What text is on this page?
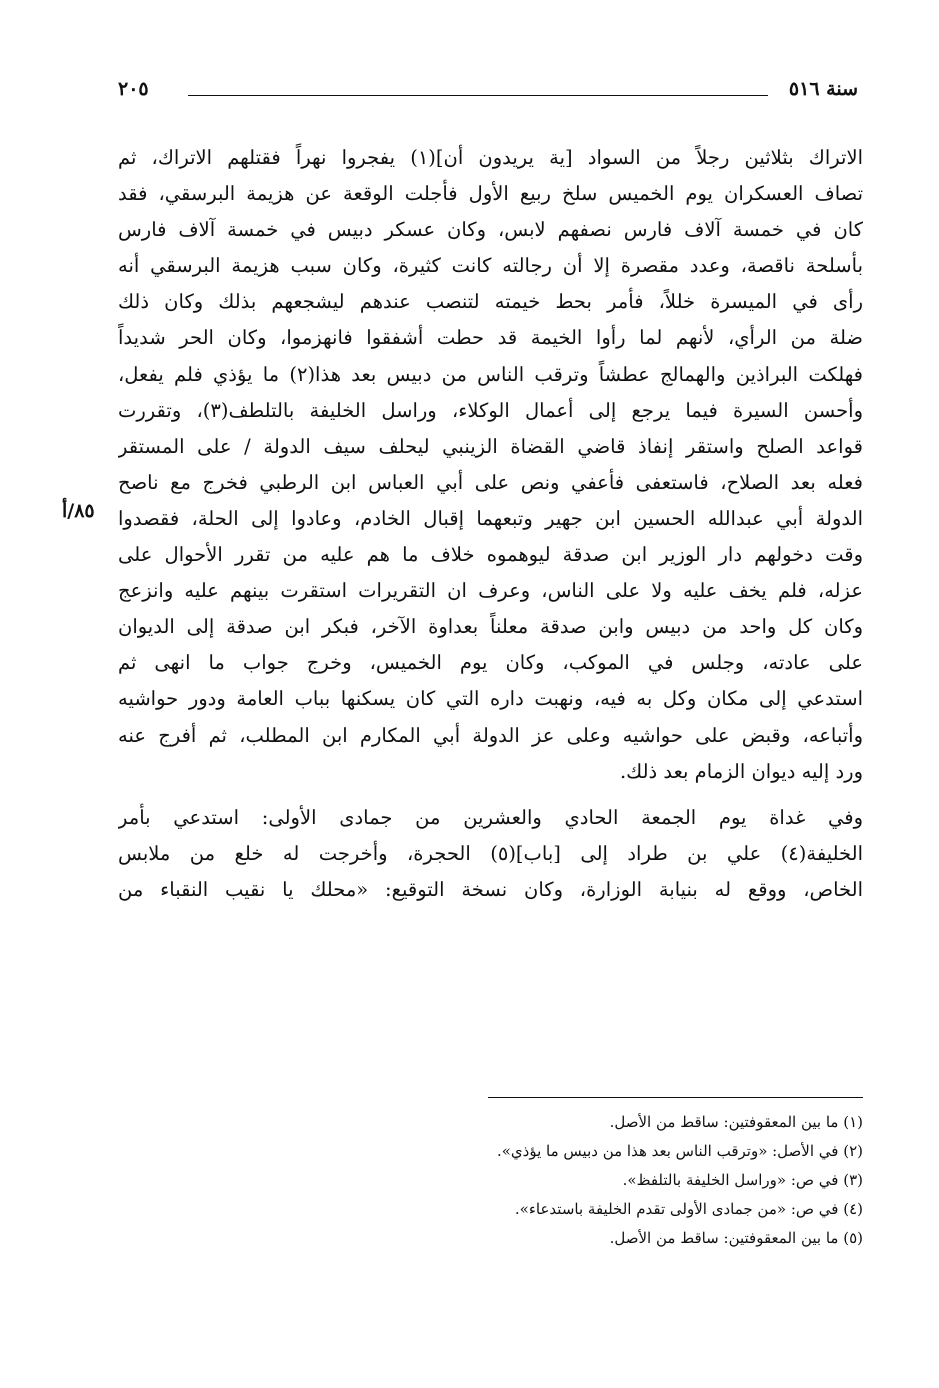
سنة ٥١٦
٢٠٥
٨٥/أ
الاتراك بثلاثين رجلاً من السواد [ية يريدون أن](١) يفجروا نهراً فقتلهم الاتراك، ثم
تصاف العسكران يوم الخميس سلخ ربيع الأول فأجلت الوقعة عن هزيمة البرسقي، فقد
كان في خمسة آلاف فارس نصفهم لابس، وكان عسكر دبيس في خمسة آلاف فارس
بأسلحة ناقصة، وعدد مقصرة إلا أن رجالته كانت كثيرة، وكان سبب هزيمة البرسقي أنه
رأى في الميسرة خللاً، فأمر بحط خيمته لتنصب عندهم ليشجعهم بذلك وكان ذلك
ضلة من الرأي، لأنهم لما رأوا الخيمة قد حطت أشفقوا فانهزموا، وكان الحر شديداً
فهلكت البراذين والهمالج عطشاً وترقب الناس من دبيس بعد هذا(٢) ما يؤذي فلم يفعل،
وأحسن السيرة فيما يرجع إلى أعمال الوكلاء، وراسل الخليفة بالتلطف(٣)، وتقررت
قواعد الصلح واستقر إنفاذ قاضي القضاة الزينبي ليحلف سيف الدولة / على المستقر
فعله بعد الصلاح، فاستعفى فأعفي ونص على أبي العباس ابن الرطبي فخرج مع ناصح
الدولة أبي عبدالله الحسين ابن جهير وتبعهما إقبال الخادم، وعادوا إلى الحلة، فقصدوا
وقت دخولهم دار الوزير ابن صدقة ليوهموه خلاف ما هم عليه من تقرر الأحوال على
عزله، فلم يخف عليه ولا على الناس، وعرف ان التقريرات استقرت بينهم عليه وانزعج
وكان كل واحد من دبيس وابن صدقة معلناً بعداوة الآخر، فبكر ابن صدقة إلى الديوان
على عادته، وجلس في الموكب، وكان يوم الخميس، وخرج جواب ما انهى ثم
استدعي إلى مكان وكل به فيه، ونهبت داره التي كان يسكنها بباب العامة ودور حواشيه
وأتباعه، وقبض على حواشيه وعلى عز الدولة أبي المكارم ابن المطلب، ثم أفرج عنه
ورد إليه ديوان الزمام بعد ذلك.
وفي غداة يوم الجمعة الحادي والعشرين من جمادى الأولى: استدعي بأمر
الخليفة(٤) علي بن طراد إلى [باب](٥) الحجرة، وأخرجت له خلع من ملابس
الخاص، ووقع له بنيابة الوزارة، وكان نسخة التوقيع: «محلك يا نقيب النقباء من
(١) ما بين المعقوفتين: ساقط من الأصل.
(٢) في الأصل: «وترقب الناس بعد هذا من دبيس ما يؤذي».
(٣) في ص: «وراسل الخليفة بالتلفظ».
(٤) في ص: «من جمادى الأولى تقدم الخليفة باستدعاء».
(٥) ما بين المعقوفتين: ساقط من الأصل.
